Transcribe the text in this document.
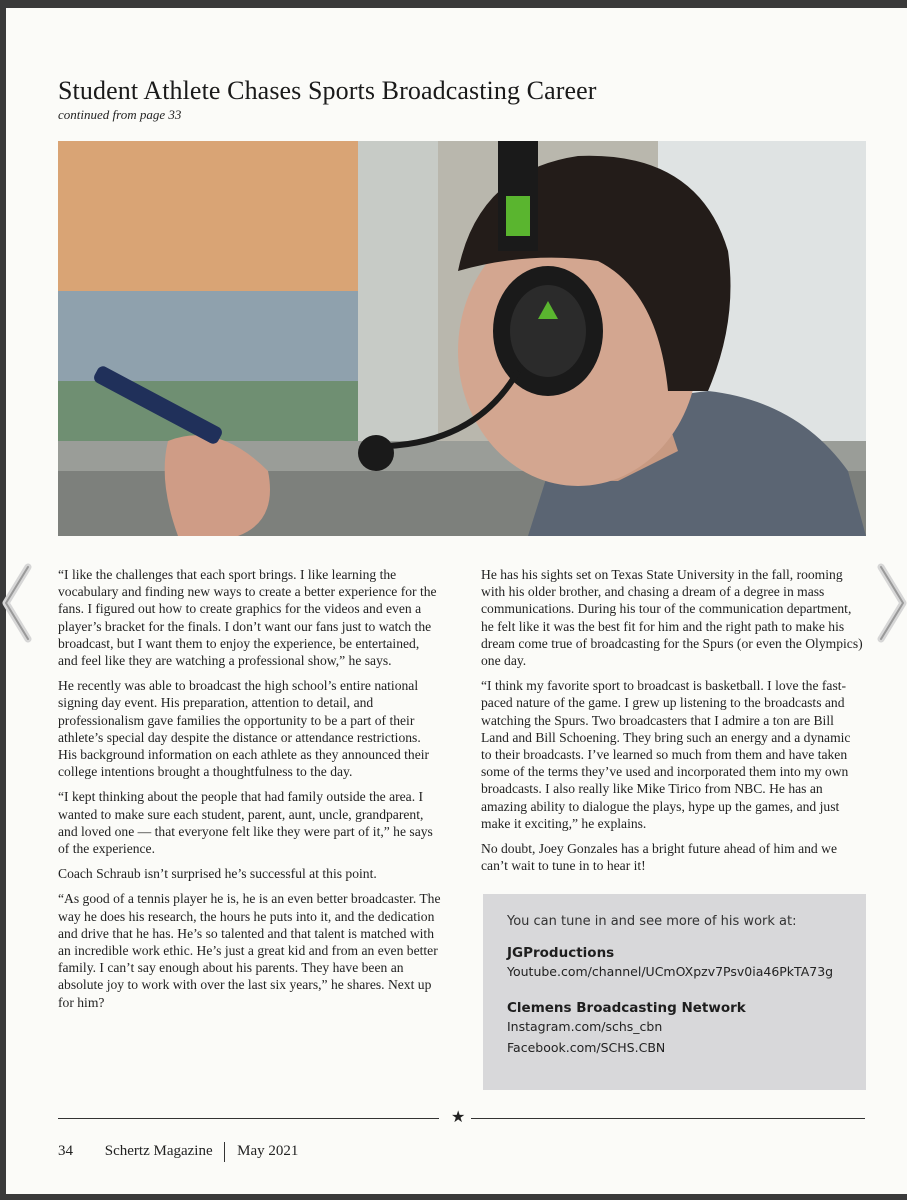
Student Athlete Chases Sports Broadcasting Career
continued from page 33

“I like the challenges that each sport brings. I like learning the vocabulary and finding new ways to create a better experience for the fans. I figured out how to create graphics for the videos and even a player’s bracket for the finals. I don’t want our fans just to watch the broadcast, but I want them to enjoy the experience, be entertained, and feel like they are watching a professional show,” he says.

He recently was able to broadcast the high school’s entire national signing day event. His preparation, attention to detail, and professionalism gave families the opportunity to be a part of their athlete’s special day despite the distance or attendance restrictions. His background information on each athlete as they announced their college intentions brought a thoughtfulness to the day.

“I kept thinking about the people that had family outside the area. I wanted to make sure each student, parent, aunt, uncle, grandparent, and loved one — that everyone felt like they were part of it,” he says of the experience.

Coach Schraub isn’t surprised he’s successful at this point.

“As good of a tennis player he is, he is an even better broadcaster. The way he does his research, the hours he puts into it, and the dedication and drive that he has. He’s so talented and that talent is matched with an incredible work ethic. He’s just a great kid and from an even better family. I can’t say enough about his parents. They have been an absolute joy to work with over the last six years,” he shares. Next up for him?

He has his sights set on Texas State University in the fall, rooming with his older brother, and chasing a dream of a degree in mass communications. During his tour of the communication department, he felt like it was the best fit for him and the right path to make his dream come true of broadcasting for the Spurs (or even the Olympics) one day.

“I think my favorite sport to broadcast is basketball. I love the fast-paced nature of the game. I grew up listening to the broadcasts and watching the Spurs. Two broadcasters that I admire a ton are Bill Land and Bill Schoening. They bring such an energy and a dynamic to their broadcasts. I’ve learned so much from them and have taken some of the terms they’ve used and incorporated them into my own broadcasts. I also really like Mike Tirico from NBC. He has an amazing ability to dialogue the plays, hype up the games, and just make it exciting,” he explains.

No doubt, Joey Gonzales has a bright future ahead of him and we can’t wait to tune in to hear it!

You can tune in and see more of his work at:
JGProductions
Youtube.com/channel/UCmOXpzv7Psv0ia46PkTA73g
Clemens Broadcasting Network
Instagram.com/schs_cbn
Facebook.com/SCHS.CBN
★
34 Schertz Magazine May 2021
